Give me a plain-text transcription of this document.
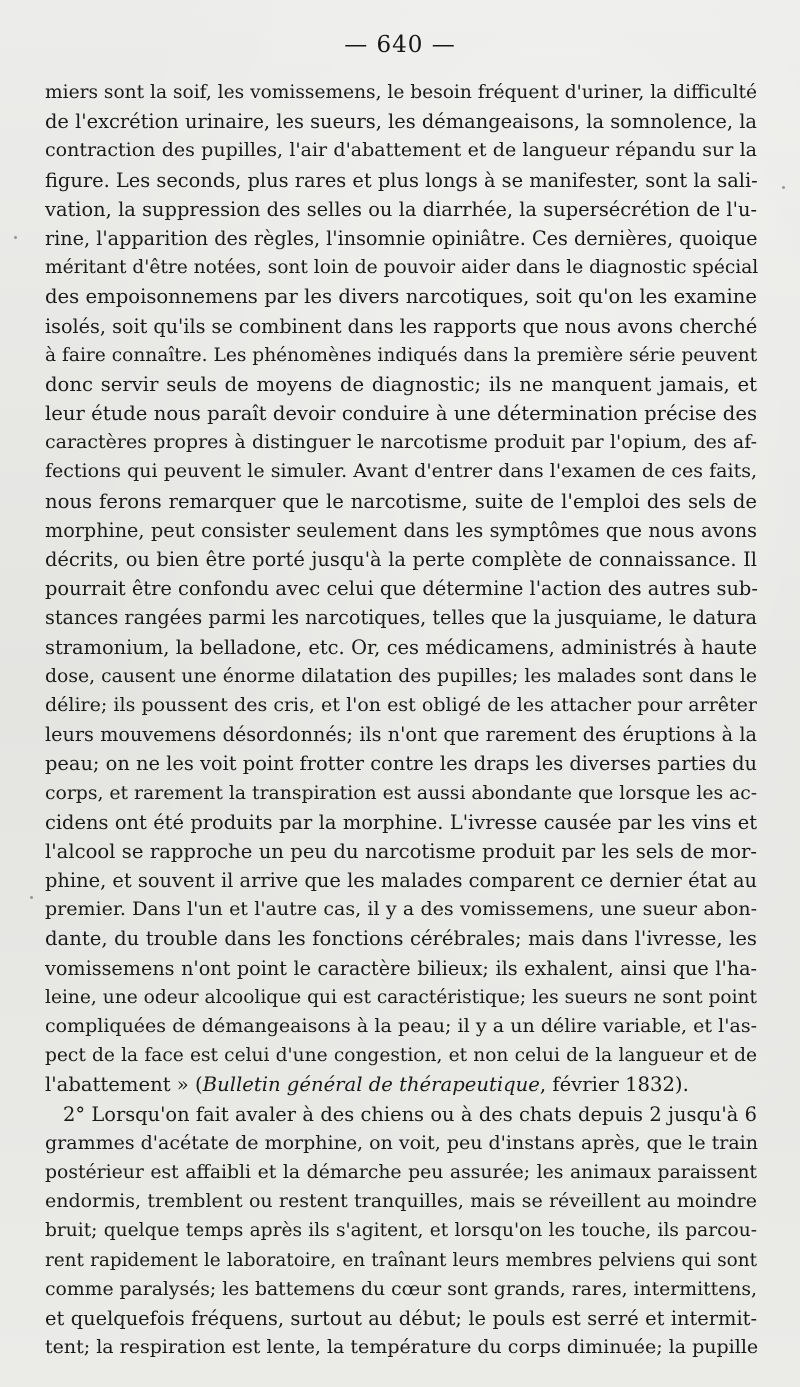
— 640 —
miers sont la soif, les vomissemens, le besoin fréquent d'uriner, la difficulté
de l'excrétion urinaire, les sueurs, les démangeaisons, la somnolence, la
contraction des pupilles, l'air d'abattement et de langueur répandu sur la
figure. Les seconds, plus rares et plus longs à se manifester, sont la sali-
vation, la suppression des selles ou la diarrhée, la supersécrétion de l'u-
rine, l'apparition des règles, l'insomnie opiniâtre. Ces dernières, quoique
méritant d'être notées, sont loin de pouvoir aider dans le diagnostic spécial
des empoisonnemens par les divers narcotiques, soit qu'on les examine
isolés, soit qu'ils se combinent dans les rapports que nous avons cherché
à faire connaître. Les phénomènes indiqués dans la première série peuvent
donc servir seuls de moyens de diagnostic; ils ne manquent jamais, et
leur étude nous paraît devoir conduire à une détermination précise des
caractères propres à distinguer le narcotisme produit par l'opium, des af-
fections qui peuvent le simuler. Avant d'entrer dans l'examen de ces faits,
nous ferons remarquer que le narcotisme, suite de l'emploi des sels de
morphine, peut consister seulement dans les symptômes que nous avons
décrits, ou bien être porté jusqu'à la perte complète de connaissance. Il
pourrait être confondu avec celui que détermine l'action des autres sub-
stances rangées parmi les narcotiques, telles que la jusquiame, le datura
stramonium, la belladone, etc. Or, ces médicamens, administrés à haute
dose, causent une énorme dilatation des pupilles; les malades sont dans le
délire; ils poussent des cris, et l'on est obligé de les attacher pour arrêter
leurs mouvemens désordonnés; ils n'ont que rarement des éruptions à la
peau; on ne les voit point frotter contre les draps les diverses parties du
corps, et rarement la transpiration est aussi abondante que lorsque les ac-
cidens ont été produits par la morphine. L'ivresse causée par les vins et
l'alcool se rapproche un peu du narcotisme produit par les sels de mor-
phine, et souvent il arrive que les malades comparent ce dernier état au
premier. Dans l'un et l'autre cas, il y a des vomissemens, une sueur abon-
dante, du trouble dans les fonctions cérébrales; mais dans l'ivresse, les
vomissemens n'ont point le caractère bilieux; ils exhalent, ainsi que l'ha-
leine, une odeur alcoolique qui est caractéristique; les sueurs ne sont point
compliquées de démangeaisons à la peau; il y a un délire variable, et l'as-
pect de la face est celui d'une congestion, et non celui de la langueur et de
l'abattement » (Bulletin général de thérapeutique, février 1832).
2° Lorsqu'on fait avaler à des chiens ou à des chats depuis 2 jusqu'à 6
grammes d'acétate de morphine, on voit, peu d'instans après, que le train
postérieur est affaibli et la démarche peu assurée; les animaux paraissent
endormis, tremblent ou restent tranquilles, mais se réveillent au moindre
bruit; quelque temps après ils s'agitent, et lorsqu'on les touche, ils parcou-
rent rapidement le laboratoire, en traînant leurs membres pelviens qui sont
comme paralysés; les battemens du cœur sont grands, rares, intermittens,
et quelquefois fréquens, surtout au début; le pouls est serré et intermit-
tent; la respiration est lente, la température du corps diminuée; la pupille
